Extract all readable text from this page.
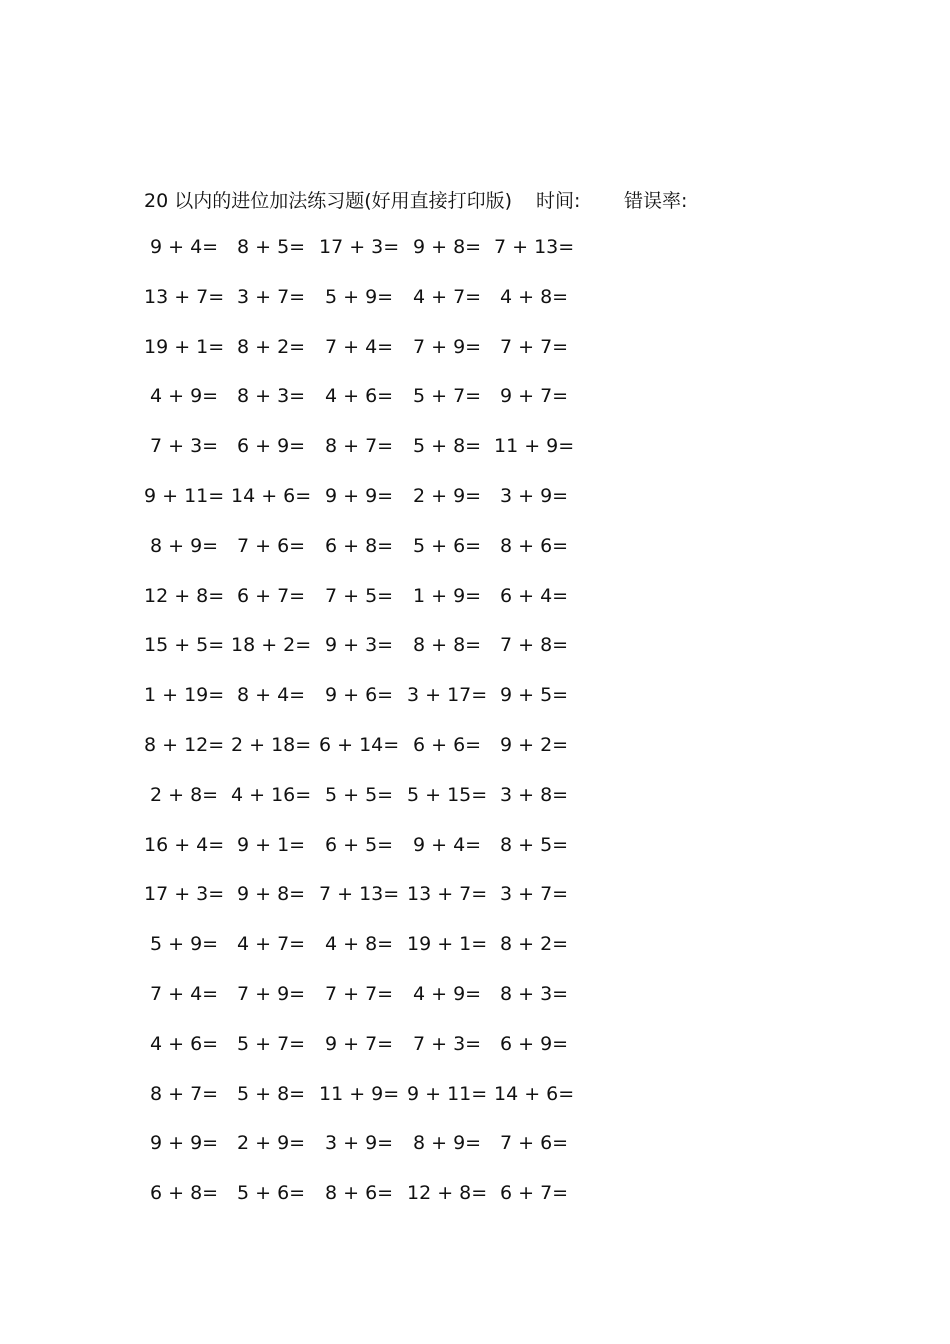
20 以内的进位加法练习题(好用直接打印版) 时间: 错误率:
9 + 4= 8 + 5= 17 + 3= 9 + 8= 7 + 13=
13 + 7= 3 + 7= 5 + 9= 4 + 7= 4 + 8=
19 + 1= 8 + 2= 7 + 4= 7 + 9= 7 + 7=
4 + 9= 8 + 3= 4 + 6= 5 + 7= 9 + 7=
7 + 3= 6 + 9= 8 + 7= 5 + 8= 11 + 9=
9 + 11= 14 + 6= 9 + 9= 2 + 9= 3 + 9=
8 + 9= 7 + 6= 6 + 8= 5 + 6= 8 + 6=
12 + 8= 6 + 7= 7 + 5= 1 + 9= 6 + 4=
15 + 5= 18 + 2= 9 + 3= 8 + 8= 7 + 8=
1 + 19= 8 + 4= 9 + 6= 3 + 17= 9 + 5=
8 + 12= 2 + 18= 6 + 14= 6 + 6= 9 + 2=
2 + 8= 4 + 16= 5 + 5= 5 + 15= 3 + 8=
16 + 4= 9 + 1= 6 + 5= 9 + 4= 8 + 5=
17 + 3= 9 + 8= 7 + 13= 13 + 7= 3 + 7=
5 + 9= 4 + 7= 4 + 8= 19 + 1= 8 + 2=
7 + 4= 7 + 9= 7 + 7= 4 + 9= 8 + 3=
4 + 6= 5 + 7= 9 + 7= 7 + 3= 6 + 9=
8 + 7= 5 + 8= 11 + 9= 9 + 11= 14 + 6=
9 + 9= 2 + 9= 3 + 9= 8 + 9= 7 + 6=
6 + 8= 5 + 6= 8 + 6= 12 + 8= 6 + 7=
